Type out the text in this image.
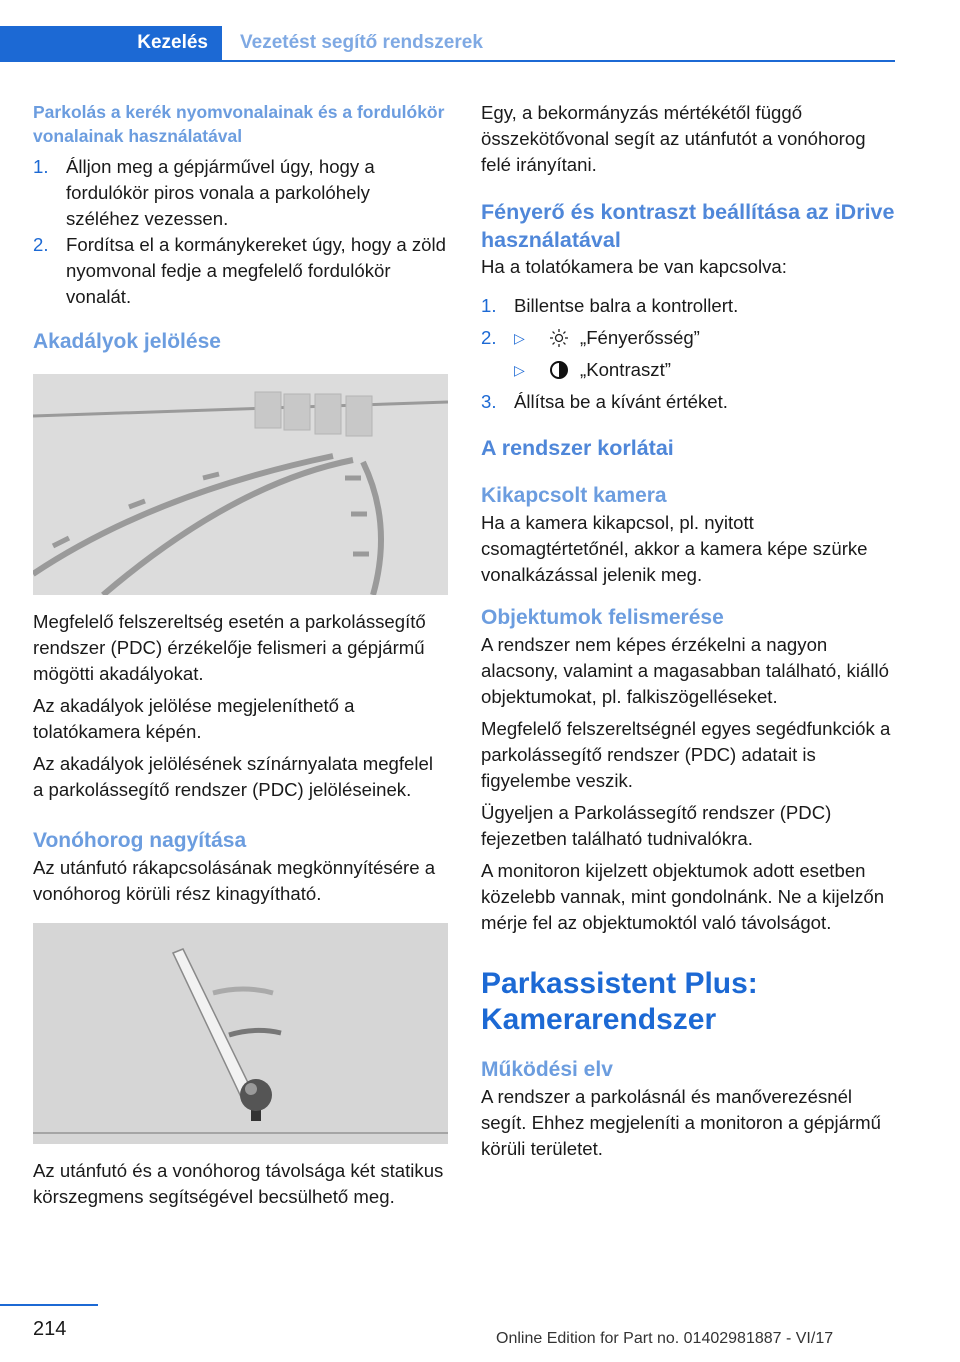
Kezelés Vezetést segítő rendszerek
Parkolás a kerék nyomvonalainak és a fordulókör vonalainak használatával
1. Álljon meg a gépjárművel úgy, hogy a fordulókör piros vonala a parkolóhely széléhez vezessen.
2. Fordítsa el a kormánykereket úgy, hogy a zöld nyomvonal fedje a megfelelő fordulókör vonalát.
Akadályok jelölése

Megfelelő felszereltség esetén a parkolássegítő rendszer (PDC) érzékelője felismeri a gépjármű mögötti akadályokat.

Az akadályok jelölése megjeleníthető a tolatókamera képén.

Az akadályok jelölésének színárnyalata megfelel a parkolássegítő rendszer (PDC) jelöléseinek.

Vonóhorog nagyítása

Az utánfutó rákapcsolásának megkönnyítésére a vonóhorog körüli rész kinagyítható.

Az utánfutó és a vonóhorog távolsága két statikus körszegmens segítségével becsülhető meg.

Egy, a bekormányzás mértékétől függő összekötővonal segít az utánfutót a vonóhorog felé irányítani.

Fényerő és kontraszt beállítása az iDrive használatával

Ha a tolatókamera be van kapcsolva:

1. Billentse balra a kontrollert.
2. ▷	„Fényerősség”
▷	„Kontraszt”
3. Állítsa be a kívánt értéket.
A rendszer korlátai
Kikapcsolt kamera

Ha a kamera kikapcsol, pl. nyitott csomagtértetőnél, akkor a kamera képe szürke vonalkázással jelenik meg.

Objektumok felismerése

A rendszer nem képes érzékelni a nagyon alacsony, valamint a magasabban található, kiálló objektumokat, pl. falkiszögelléseket.

Megfelelő felszereltségnél egyes segédfunkciók a parkolássegítő rendszer (PDC) adatait is figyelembe veszik.

Ügyeljen a Parkolássegítő rendszer (PDC) fejezetben található tudnivalókra.

A monitoron kijelzett objektumok adott esetben közelebb vannak, mint gondolnánk. Ne a kijelzőn mérje fel az objektumoktól való távolságot.

Parkassistent Plus: Kamerarendszer
Működési elv

A rendszer a parkolásnál és manőverezésnél segít. Ehhez megjeleníti a monitoron a gépjármű körüli területet.

214	Online Edition for Part no. 01402981887 - VI/17
